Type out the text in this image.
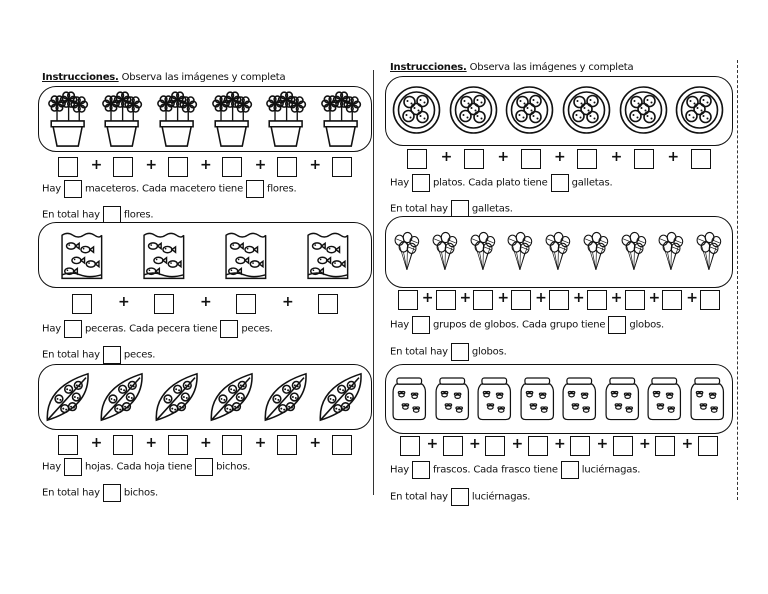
Instrucciones. Observa las imágenes y completa
+	+	+	+	+
Hay maceteros. Cada macetero tiene flores.
En total hay flores.
+	+	+
Hay peceras. Cada pecera tiene peces.
En total hay peces.
+	+	+	+	+
Hay hojas. Cada hoja tiene bichos.
En total hay bichos.
Instrucciones. Observa las imágenes y completa
+	+	+	+	+
Hay platos. Cada plato tiene galletas.
En total hay galletas.
+ + + + + + + +
Hay grupos de globos. Cada grupo tiene globos.
En total hay globos.
+ + + + + + +
Hay frascos. Cada frasco tiene luciérnagas.
En total hay luciérnagas.
